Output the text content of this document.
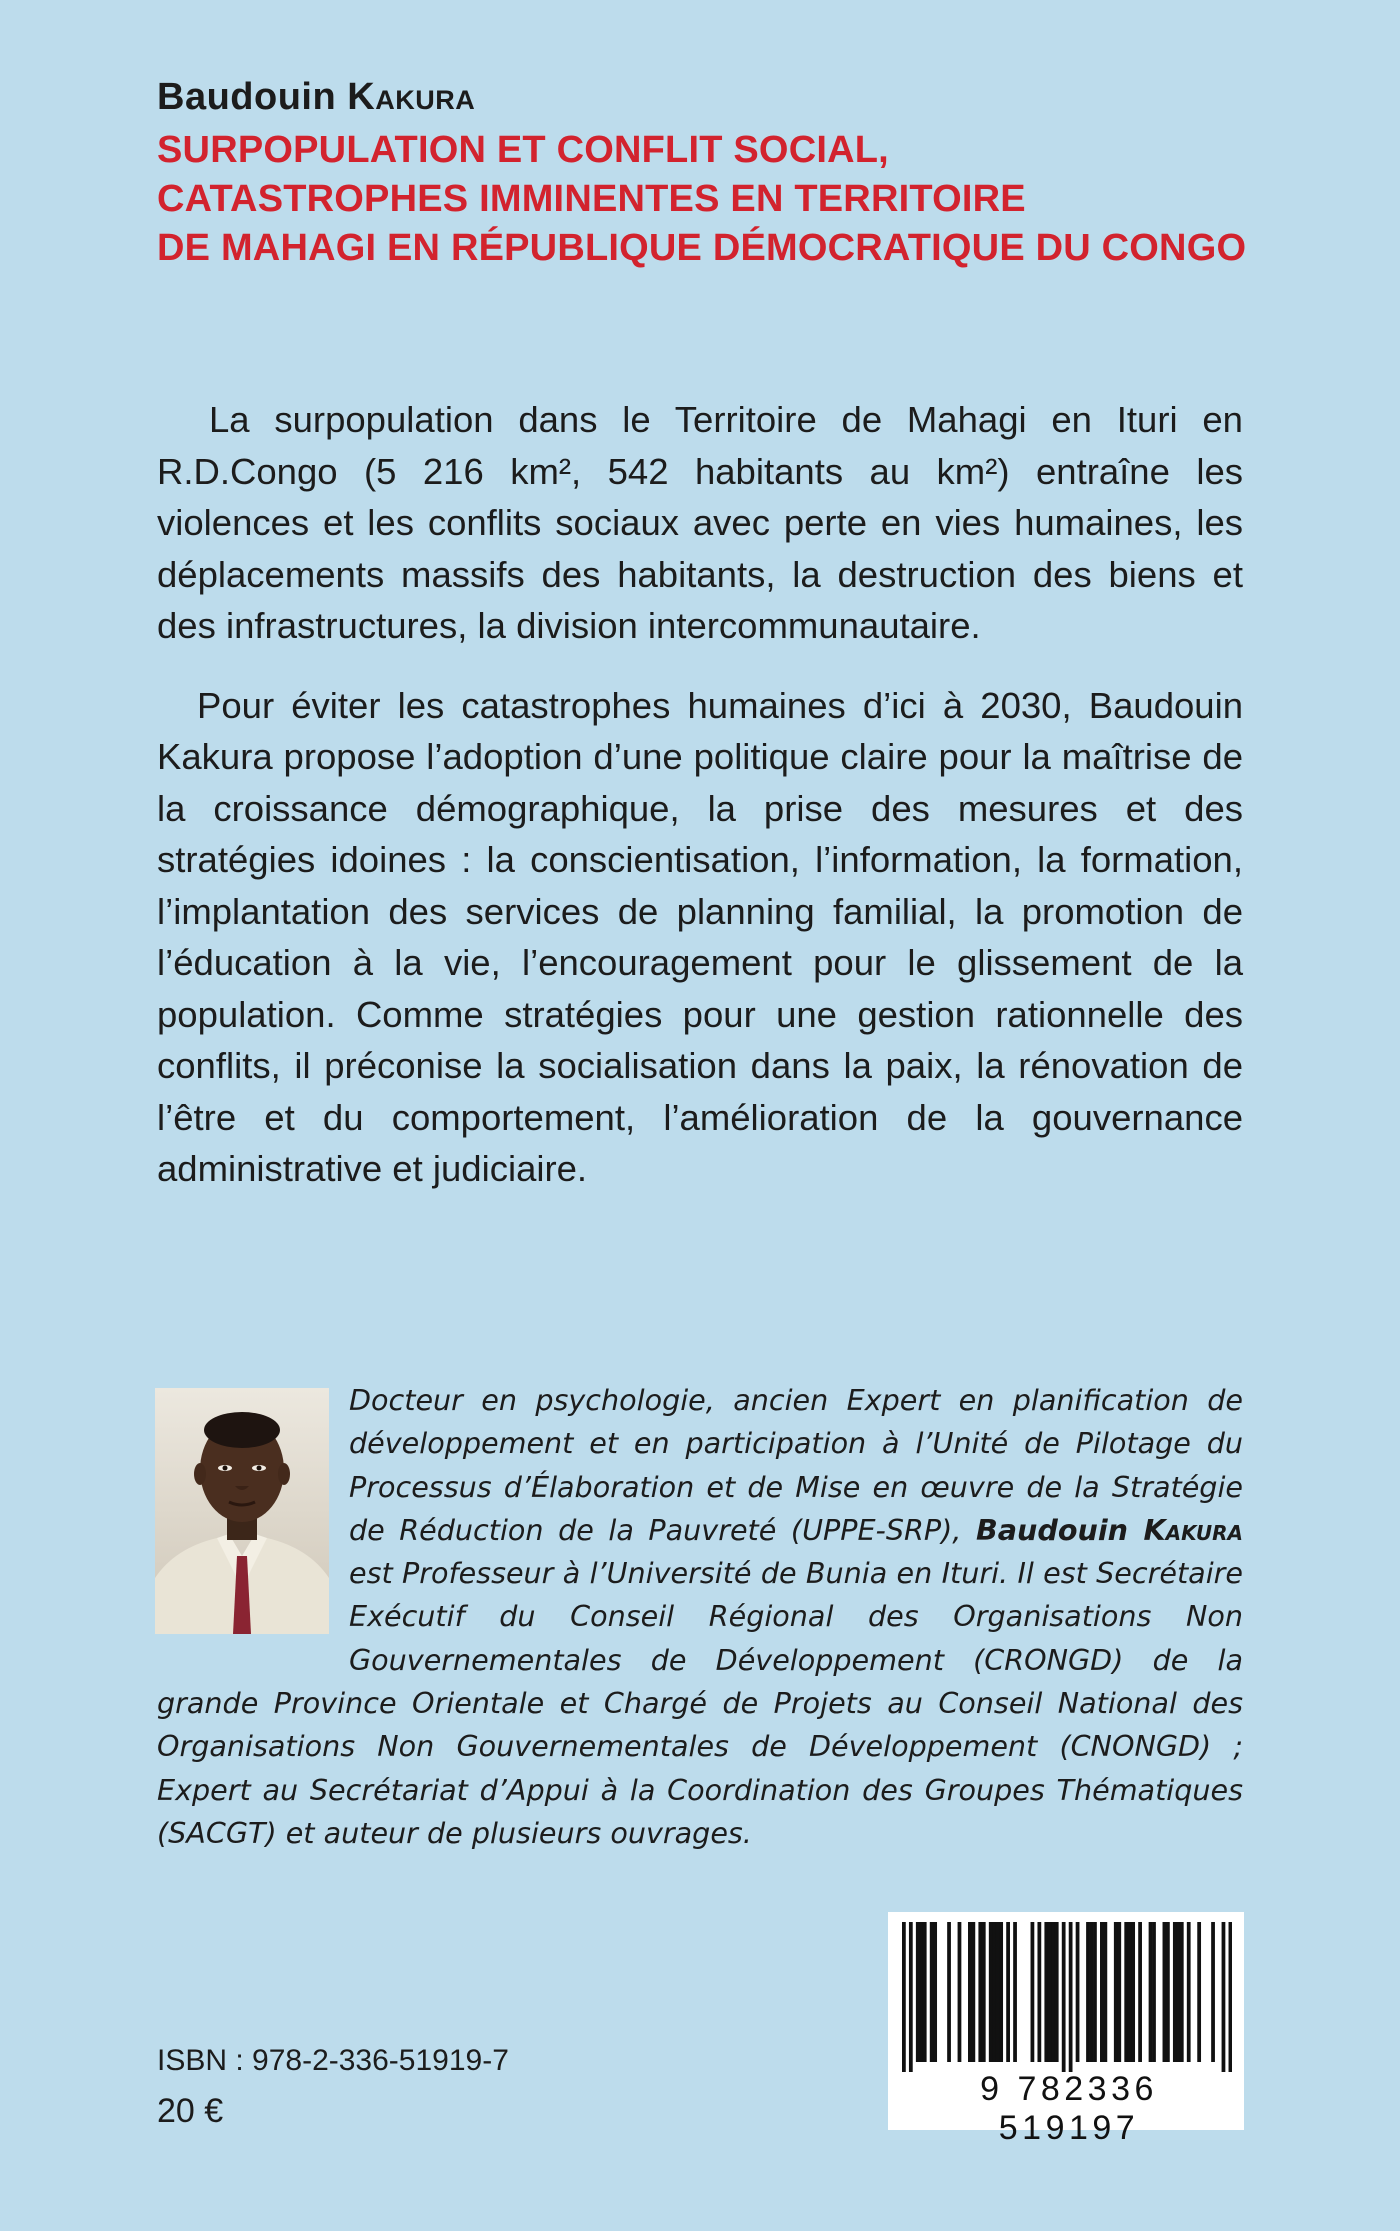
Baudouin Kakura
SURPOPULATION ET CONFLIT SOCIAL,
CATASTROPHES IMMINENTES EN TERRITOIRE
DE MAHAGI EN RÉPUBLIQUE DÉMOCRATIQUE DU CONGO

La surpopulation dans le Territoire de Mahagi en Ituri en R.D.Congo (5 216 km², 542 habitants au km²) entraîne les violences et les conflits sociaux avec perte en vies humaines, les déplacements massifs des habitants, la destruction des biens et des infrastructures, la division intercommunautaire.

Pour éviter les catastrophes humaines d’ici à 2030, Baudouin Kakura propose l’adoption d’une politique claire pour la maîtrise de la croissance démographique, la prise des mesures et des stratégies idoines : la conscientisation, l’information, la formation, l’implantation des services de planning familial, la promotion de l’éducation à la vie, l’encouragement pour le glissement de la population. Comme stratégies pour une gestion rationnelle des conflits, il préconise la socialisation dans la paix, la rénovation de l’être et du comportement, l’amélioration de la gouvernance administrative et judiciaire.

Docteur en psychologie, ancien Expert en planification de développement et en participation à l’Unité de Pilotage du Processus d’Élaboration et de Mise en œuvre de la Stratégie de Réduction de la Pauvreté (UPPE-SRP), Baudouin Kakura est Professeur à l’Université de Bunia en Ituri. Il est Secrétaire Exécutif du Conseil Régional des Organisations Non Gouvernementales de Développement (CRONGD) de la grande Province Orientale et Chargé de Projets au Conseil National des Organisations Non Gouvernementales de Développement (CNONGD) ; Expert au Secrétariat d’Appui à la Coordination des Groupes Thématiques (SACGT) et auteur de plusieurs ouvrages.

ISBN : 978-2-336-51919-7
20 €
9 782336 519197
